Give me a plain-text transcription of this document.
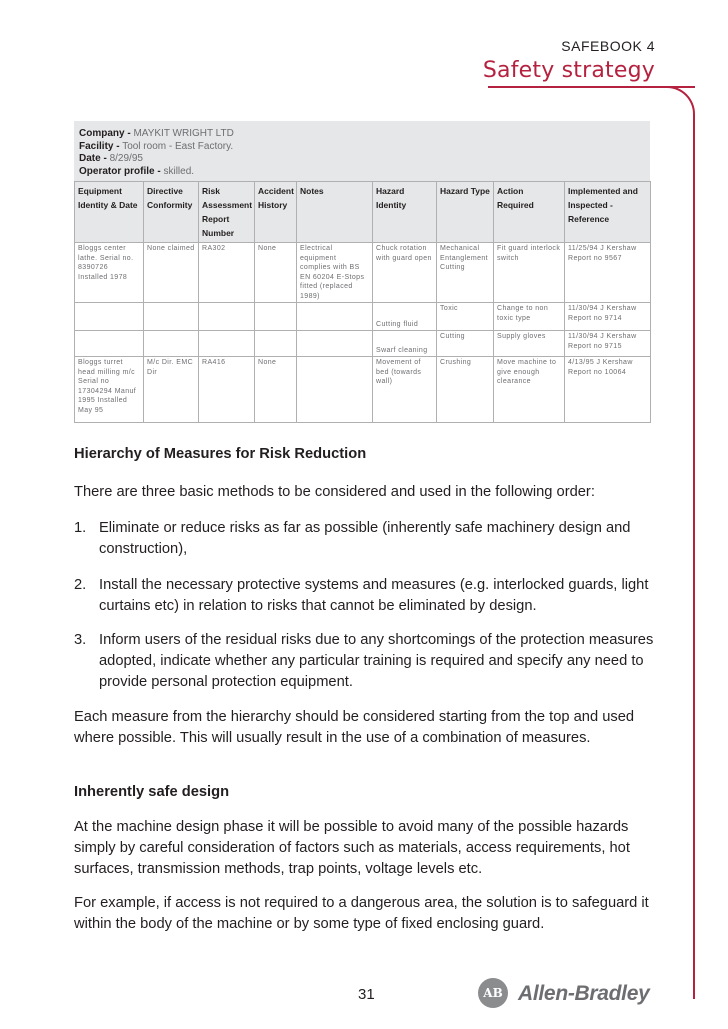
SAFEBOOK 4
Safety strategy
Company - MAYKIT WRIGHT LTD
Facility - Tool room - East Factory.
Date - 8/29/95
Operator profile - skilled.
Equipment Identity & Date	Directive Conformity	Risk Assessment Report Number	Accident History	Notes	Hazard Identity	Hazard Type	Action Required	Implemented and Inspected - Reference
Bloggs center lathe. Serial no. 8390726 Installed 1978	None claimed	RA302	None	Electrical equipment complies with BS EN 60204 E-Stops fitted (replaced 1989)	Chuck rotation with guard open	Mechanical Entanglement Cutting	Fit guard interlock switch	11/25/94 J Kershaw Report no 9567
					Cutting fluid	Toxic	Change to non toxic type	11/30/94 J Kershaw Report no 9714
					Swarf cleaning	Cutting	Supply gloves	11/30/94 J Kershaw Report no 9715
Bloggs turret head milling m/c Serial no 17304294 Manuf 1995 Installed May 95	M/c Dir. EMC Dir	RA416	None		Movement of bed (towards wall)	Crushing	Move machine to give enough clearance	4/13/95 J Kershaw Report no 10064
Hierarchy of Measures for Risk Reduction
There are three basic methods to be considered and used in the following order:
1. Eliminate or reduce risks as far as possible (inherently safe machinery design and construction),
2. Install the necessary protective systems and measures (e.g. interlocked guards, light curtains etc) in relation to risks that cannot be eliminated by design.
3. Inform users of the residual risks due to any shortcomings of the protection measures adopted, indicate whether any particular training is required and specify any need to provide personal protection equipment.
Each measure from the hierarchy should be considered starting from the top and used where possible. This will usually result in the use of a combination of measures.
Inherently safe design
At the machine design phase it will be possible to avoid many of the possible hazards simply by careful consideration of factors such as materials, access requirements, hot surfaces, transmission methods, trap points, voltage levels etc.
For example, if access is not required to a dangerous area, the solution is to safeguard it within the body of the machine or by some type of fixed enclosing guard.
31	AB Allen-Bradley
